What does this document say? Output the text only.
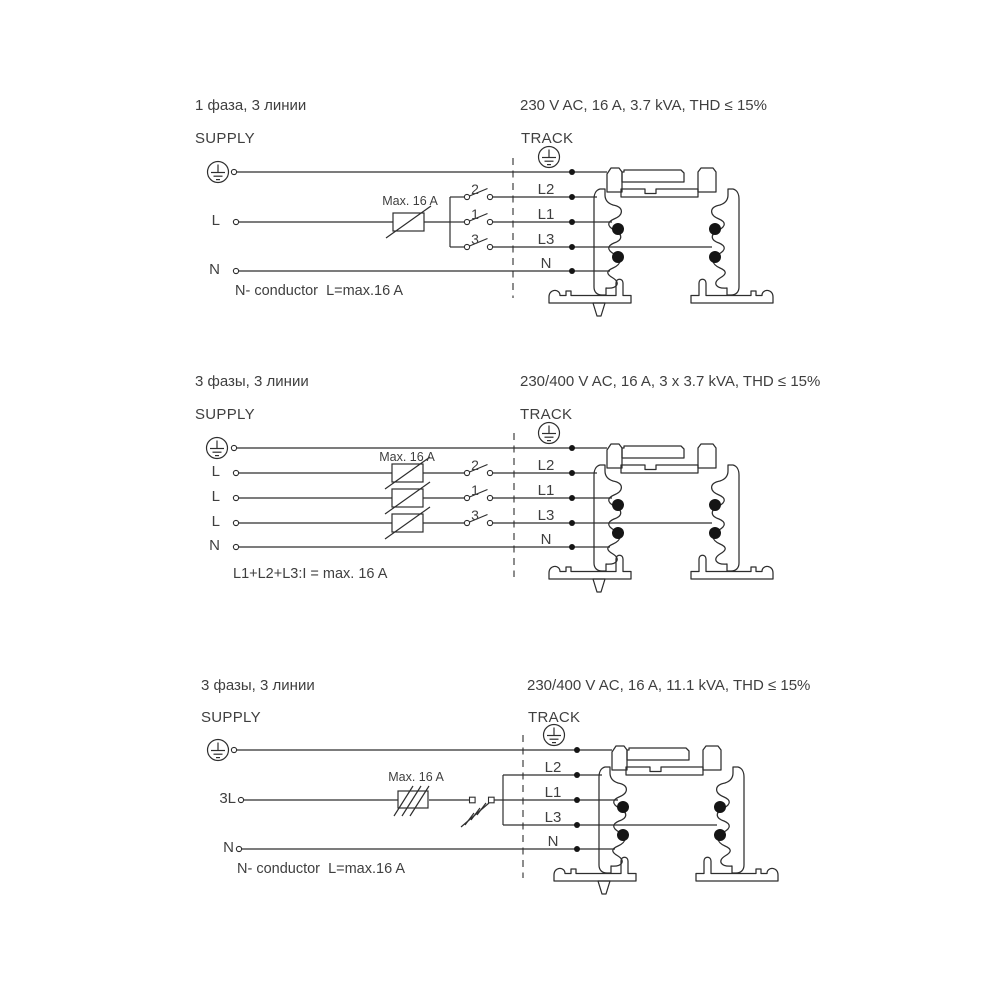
1 фаза, 3 линии	230 V AC, 16 A, 3.7 kVA, THD ≤ 15%
SUPPLY	TRACK
L
N
Max. 16 A
2
1
3
L2
L1
L3
N
N- conductor  L=max.16 A
3 фазы, 3 линии	230/400 V AC, 16 A, 3 x 3.7 kVA, THD ≤ 15%
SUPPLY	TRACK
L
L
L
N
Max. 16 A	2
1
3
L2
L1
L3
N
L1+L2+L3:I = max. 16 A
3 фазы, 3 линии	230/400 V AC, 16 A, 11.1 kVA, THD ≤ 15%
SUPPLY	TRACK
3L
N
Max. 16 A
L2
L1
L3
N
N- conductor  L=max.16 A
